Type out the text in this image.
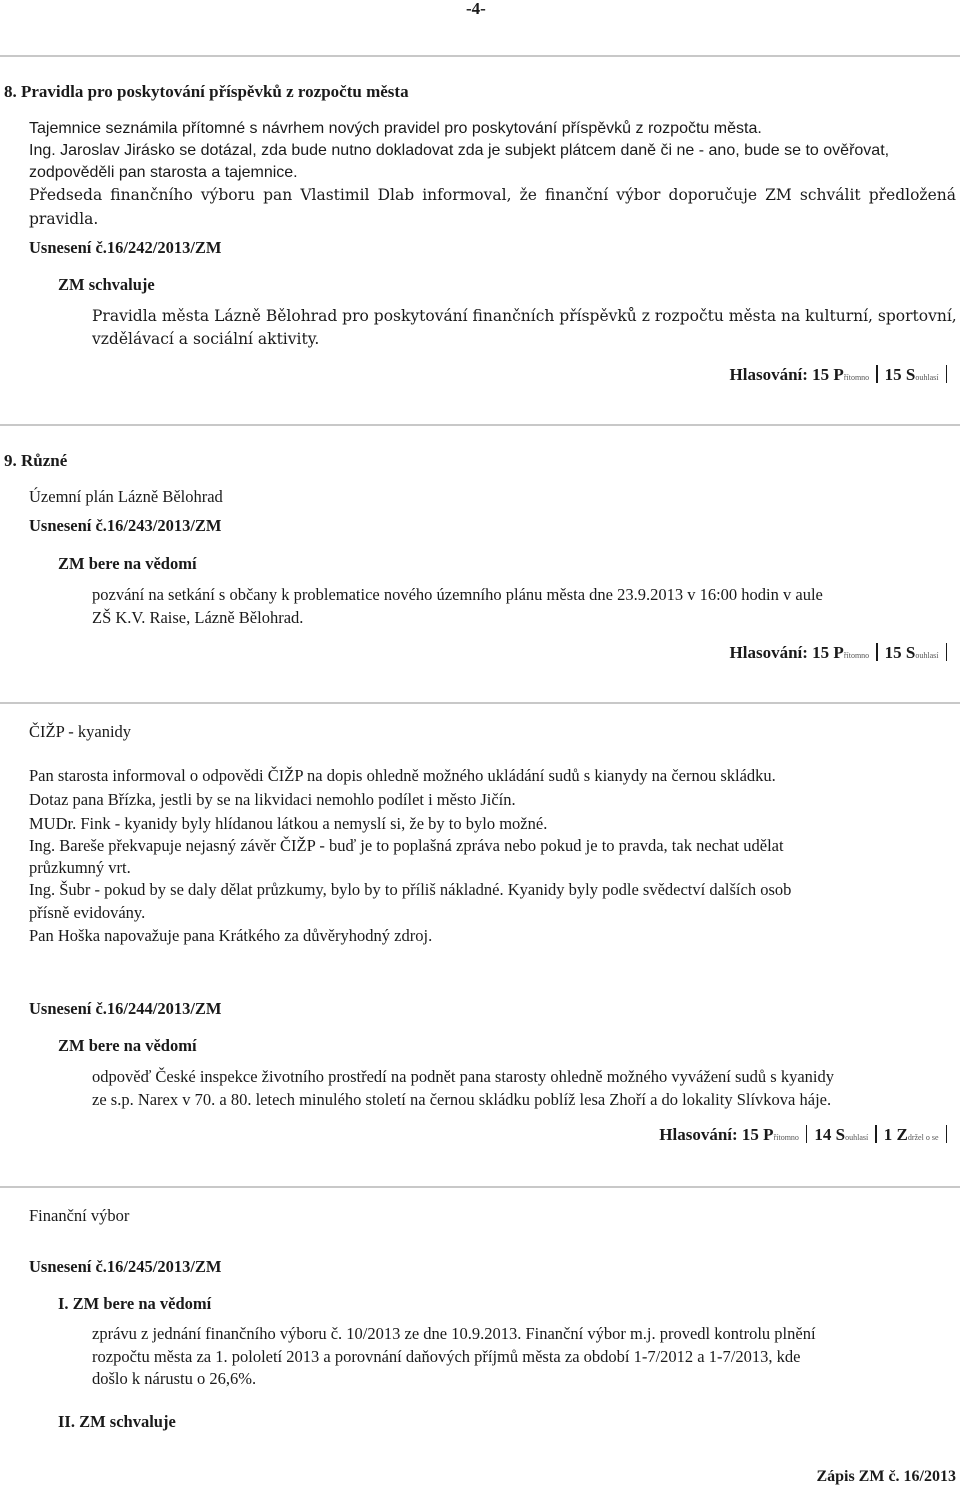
-4-
8. Pravidla pro poskytování příspěvků z rozpočtu města
Tajemnice seznámila přítomné s návrhem nových pravidel pro poskytování příspěvků z rozpočtu města.
Ing. Jaroslav Jirásko se dotázal, zda bude nutno dokladovat zda je subjekt plátcem daně či ne - ano, bude se to ověřovat,
zodpověděli pan starosta a tajemnice.
Předseda finančního výboru pan Vlastimil Dlab informoval, že finanční výbor doporučuje ZM schválit předložená
pravidla.
Usnesení č.16/242/2013/ZM
ZM schvaluje
Pravidla města Lázně Bělohrad pro poskytování finančních příspěvků z rozpočtu města na kulturní, sportovní,
vzdělávací a sociální aktivity.
Hlasování: 15 Přítomno 15 Souhlasí
9. Různé
Územní plán Lázně Bělohrad
Usnesení č.16/243/2013/ZM
ZM bere na vědomí
pozvání na setkání s občany k problematice nového územního plánu města dne 23.9.2013 v 16:00 hodin v aule
ZŠ K.V. Raise, Lázně Bělohrad.
Hlasování: 15 Přítomno 15 Souhlasí
ČIŽP - kyanidy
Pan starosta informoval o odpovědi ČIŽP na dopis ohledně možného ukládání sudů s kianydy na černou skládku.
Dotaz pana Břízka, jestli by se na likvidaci nemohlo podílet i město Jičín.
MUDr. Fink - kyanidy byly hlídanou látkou a nemyslí si, že by to bylo možné.
Ing. Bareše překvapuje nejasný závěr ČIŽP - buď je to poplašná zpráva nebo pokud je to pravda, tak nechat udělat
průzkumný vrt.
Ing. Šubr - pokud by se daly dělat průzkumy, bylo by to příliš nákladné. Kyanidy byly podle svědectví dalších osob
přísně evidovány.
Pan Hoška napovažuje pana Krátkého za důvěryhodný zdroj.
Usnesení č.16/244/2013/ZM
ZM bere na vědomí
odpověď České inspekce životního prostředí na podnět pana starosty ohledně možného vyvážení sudů s kyanidy
ze s.p. Narex v 70. a 80. letech minulého století na černou skládku poblíž lesa Zhoří a do lokality Slívkova háje.
Hlasování: 15 Přítomno 14 Souhlasí 1 Zdržel o se
Finanční výbor
Usnesení č.16/245/2013/ZM
I. ZM bere na vědomí
zprávu z jednání finančního výboru č. 10/2013 ze dne 10.9.2013. Finanční výbor m.j. provedl kontrolu plnění
rozpočtu města za 1. pololetí 2013 a porovnání daňových příjmů města za období 1-7/2012 a 1-7/2013, kde
došlo k nárustu o 26,6%.
II. ZM schvaluje
Zápis ZM č. 16/2013
